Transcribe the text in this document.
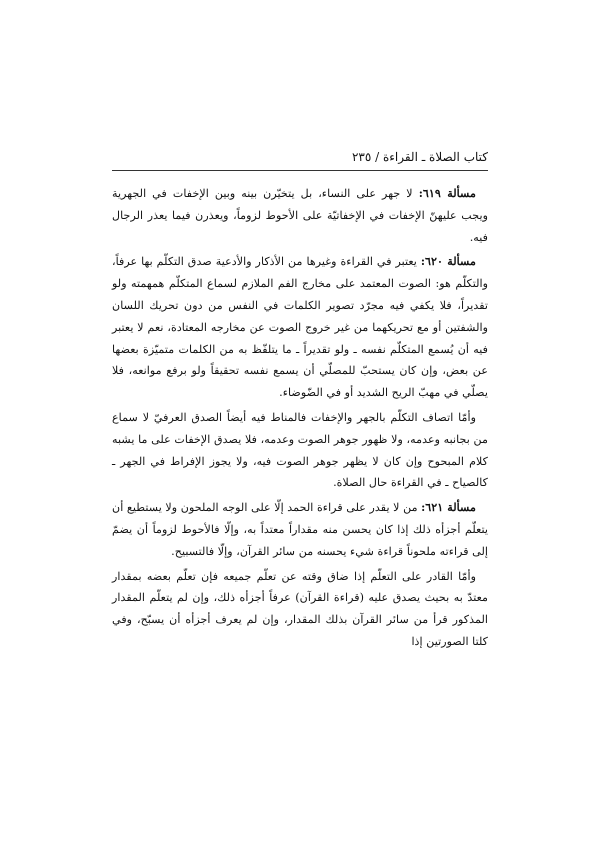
كتاب الصلاة ـ القراءة / ٢٣٥

مسألة ٦١٩: لا جهر على النساء، بل يتخيّرن بينه وبين الإخفات في الجهرية ويجب عليهنّ الإخفات في الإخفاتيّة على الأحوط لزوماً، ويعذرن فيما يعذر الرجال فيه.

مسألة ٦٢٠: يعتبر في القراءة وغيرها من الأذكار والأدعية صدق التكلّم بها عرفاً، والتكلّم هو: الصوت المعتمد على مخارج الفم الملازم لسماع المتكلّم همهمته ولو تقديراً، فلا يكفي فيه مجرّد تصوير الكلمات في النفس من دون تحريك اللسان والشفتين أو مع تحريكهما من غير خروج الصوت عن مخارجه المعتادة، نعم لا يعتبر فيه أن يُسمع المتكلّم نفسه ـ ولو تقديراً ـ ما يتلفّظ به من الكلمات متميّزة بعضها عن بعض، وإن كان يستحبّ للمصلّي أن يسمع نفسه تحقيقاً ولو برفع موانعه، فلا يصلّي في مهبّ الريح الشديد أو في الضّوضاء.

وأمّا اتصاف التكلّم بالجهر والإخفات فالمناط فيه أيضاً الصدق العرفيّ لا سماع من بجانبه وعدمه، ولا ظهور جوهر الصوت وعدمه، فلا يصدق الإخفات على ما يشبه كلام المبحوح وإن كان لا يظهر جوهر الصوت فيه، ولا يجوز الإفراط في الجهر ـ كالصياح ـ في القراءة حال الصلاة.

مسألة ٦٢١: من لا يقدر على قراءة الحمد إلّا على الوجه الملحون ولا يستطيع أن يتعلّم أجزأه ذلك إذا كان يحسن منه مقداراً معتداً به، وإلّا فالأحوط لزوماً أن يضمّ إلى قراءته ملحوناً قراءة شيء يحسنه من سائر القرآن، وإلّا فالتسبيح.

وأمّا القادر على التعلّم إذا ضاق وقته عن تعلّم جميعه فإن تعلّم بعضه بمقدار معتدّ به بحيث يصدق عليه (قراءة القرآن) عرفاً أجزأه ذلك، وإن لم يتعلّم المقدار المذكور قرأ من سائر القرآن بذلك المقدار، وإن لم يعرف أجزأه أن يسبّح، وفي كلتا الصورتين إذا
